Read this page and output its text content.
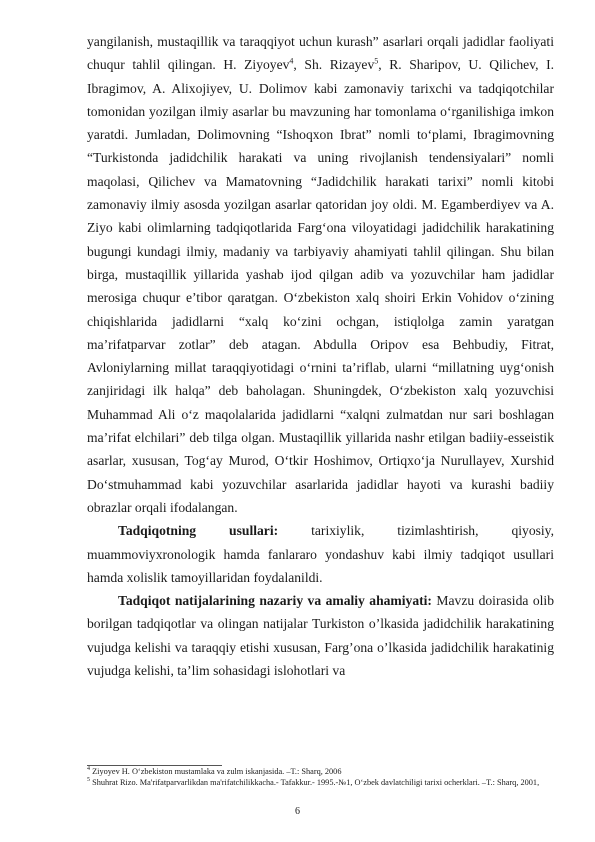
yangilanish, mustaqillik va taraqqiyot uchun kurash” asarlari orqali jadidlar faoliyati chuqur tahlil qilingan. H. Ziyoyev$^4$, Sh. Rizayev$^5$, R. Sharipov, U. Qilichev, I. Ibragimov, A. Alixojiyev, U. Dolimov kabi zamonaviy tarixchi va tadqiqotchilar tomonidan yozilgan ilmiy asarlar bu mavzuning har tomonlama o‘rganilishiga imkon yaratdi. Jumladan, Dolimovning “Ishoqxon Ibrat” nomli to‘plami, Ibragimovning “Turkistonda jadidchilik harakati va uning rivojlanish tendensiyalari” nomli maqolasi, Qilichev va Mamatovning “Jadidchilik harakati tarixi” nomli kitobi zamonaviy ilmiy asosda yozilgan asarlar qatoridan joy oldi. M. Egamberdiyev va A. Ziyo kabi olimlarning tadqiqotlarida Farg‘ona viloyatidagi jadidchilik harakatining bugungi kundagi ilmiy, madaniy va tarbiyaviy ahamiyati tahlil qilingan. Shu bilan birga, mustaqillik yillarida yashab ijod qilgan adib va yozuvchilar ham jadidlar merosiga chuqur e’tibor qaratgan. O‘zbekiston xalq shoiri Erkin Vohidov o‘zining chiqishlarida jadidlarni “xalq ko‘zini ochgan, istiqlolga zamin yaratgan ma’rifatparvar zotlar” deb atagan. Abdulla Oripov esa Behbudiy, Fitrat, Avloniylarning millat taraqqiyotidagi o‘rnini ta’riflab, ularni “millatning uyg‘onish zanjiridagi ilk halqa” deb baholagan. Shuningdek, O‘zbekiston xalq yozuvchisi Muhammad Ali o‘z maqolalarida jadidlarni “xalqni zulmatdan nur sari boshlagan ma’rifat elchilari” deb tilga olgan. Mustaqillik yillarida nashr etilgan badiiy-esseistik asarlar, xususan, Tog‘ay Murod, O‘tkir Hoshimov, Ortiqxo‘ja Nurullayev, Xurshid Do‘stmuhammad kabi yozuvchilar asarlarida jadidlar hayoti va kurashi badiiy obrazlar orqali ifodalangan.

Tadqiqotning usullari: tarixiylik, tizimlashtirish, qiyosiy, muammoviyxronologik hamda fanlararo yondashuv kabi ilmiy tadqiqot usullari hamda xolislik tamoyillaridan foydalanildi.

Tadqiqot natijalarining nazariy va amaliy ahamiyati: Mavzu doirasida olib borilgan tadqiqotlar va olingan natijalar Turkiston o’lkasida jadidchilik harakatining vujudga kelishi va taraqqiy etishi xususan, Farg’ona o’lkasida jadidchilik harakatinig vujudga kelishi, ta’lim sohasidagi islohotlari va

$^4$ Ziyoyev H. O‘zbekiston mustamlaka va zulm iskanjasida. –T.: Sharq, 2006

$^5$ Shuhrat Rizo. Ma'rifatparvarlikdan ma'rifatchilikkacha.- Tafakkur.- 1995.-№1, O‘zbek davlatchiligi tarixi ocherklari. –T.: Sharq, 2001,

6
